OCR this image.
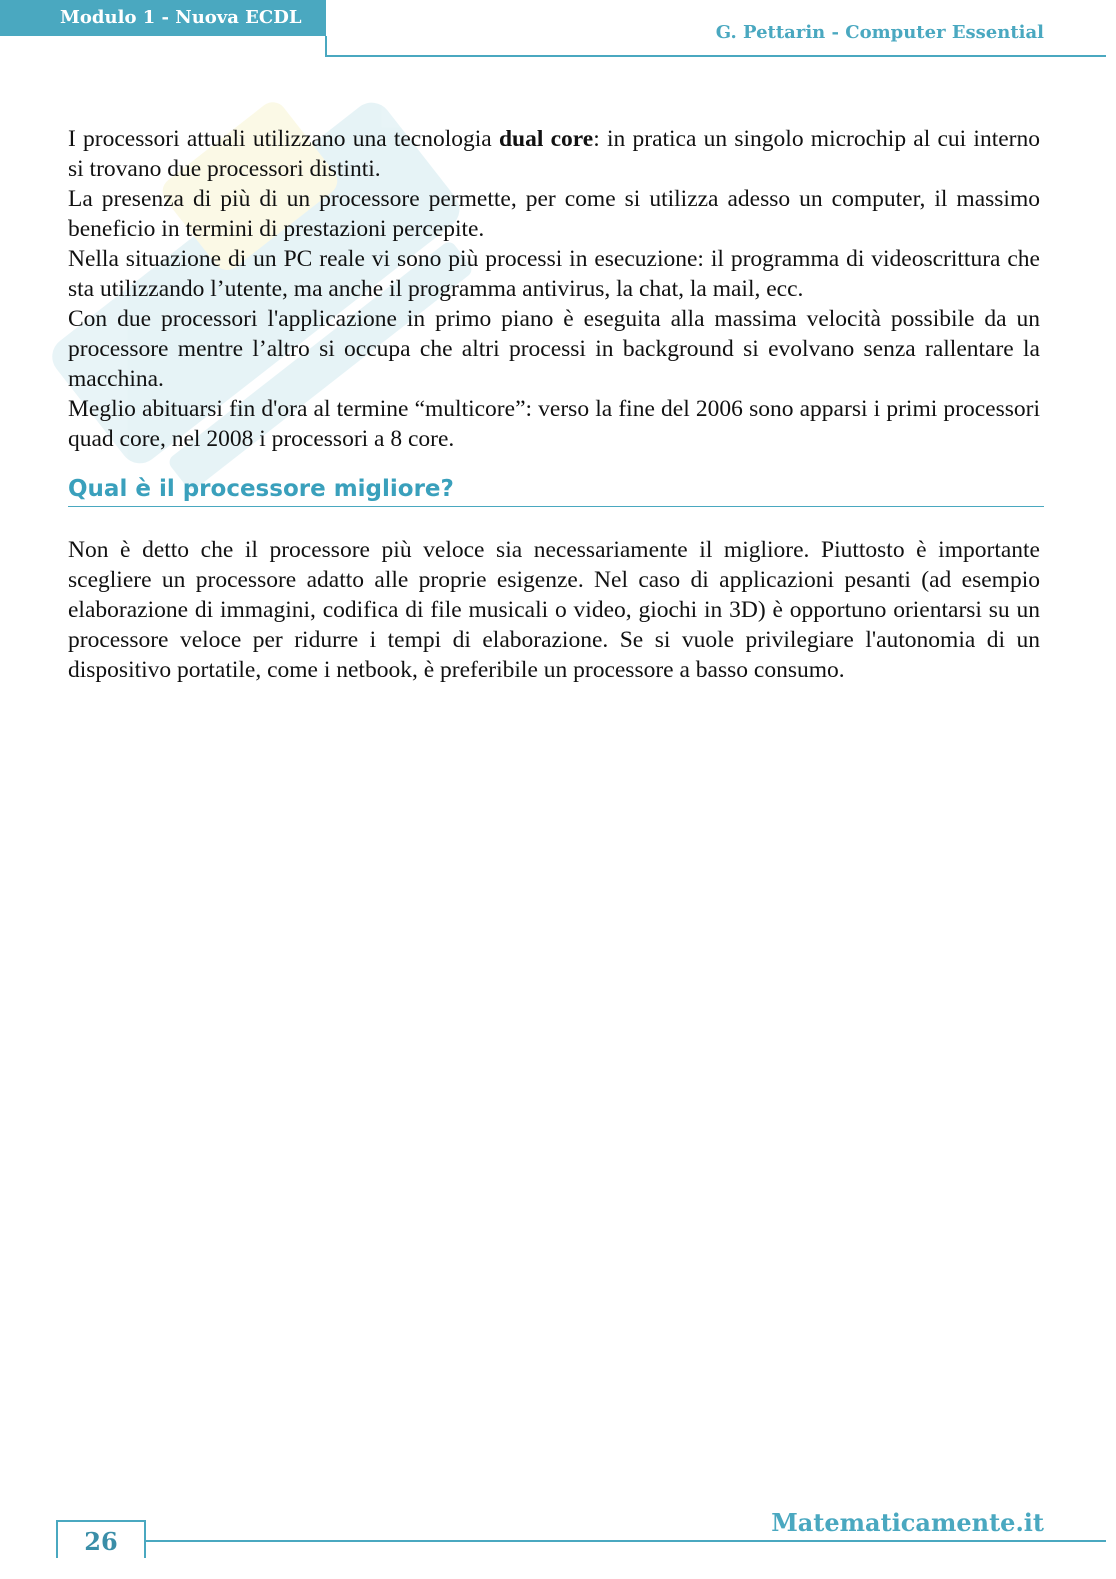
Modulo 1 - Nuova ECDL
G. Pettarin - Computer Essential

I processori attuali utilizzano una tecnologia dual core: in pratica un singolo microchip al cui interno si trovano due processori distinti.

La presenza di più di un processore permette, per come si utilizza adesso un computer, il massimo beneficio in termini di prestazioni percepite.

Nella situazione di un PC reale vi sono più processi in esecuzione: il programma di videoscrittura che sta utilizzando l’utente, ma anche il programma antivirus, la chat, la mail, ecc.

Con due processori l'applicazione in primo piano è eseguita alla massima velocità possibile da un processore mentre l’altro si occupa che altri processi in background si evolvano senza rallentare la macchina.

Meglio abituarsi fin d'ora al termine “multicore”: verso la fine del 2006 sono apparsi i primi processori quad core, nel 2008 i processori a 8 core.

Qual è il processore migliore?

Non è detto che il processore più veloce sia necessariamente il migliore. Piuttosto è importante scegliere un processore adatto alle proprie esigenze. Nel caso di applicazioni pesanti (ad esempio elaborazione di immagini, codifica di file musicali o video, giochi in 3D) è opportuno orientarsi su un processore veloce per ridurre i tempi di elaborazione. Se si vuole privilegiare l'autonomia di un dispositivo portatile, come i netbook, è preferibile un processore a basso consumo.

26
Matematicamente.it
